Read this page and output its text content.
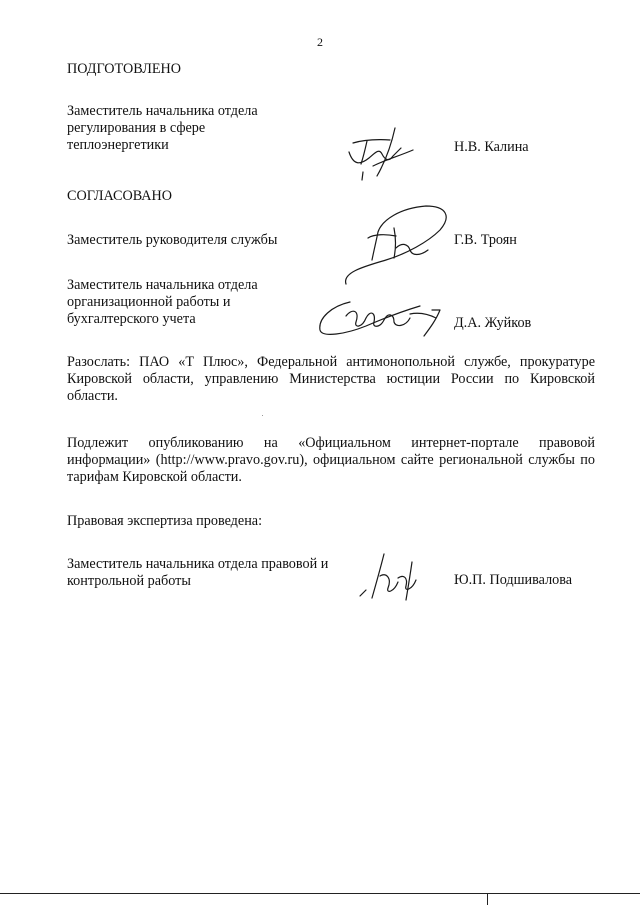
2
ПОДГОТОВЛЕНО
Заместитель начальника отдела регулирования в сфере теплоэнергетики	Н.В. Калина
СОГЛАСОВАНО
Заместитель руководителя службы	Г.В. Троян
Заместитель начальника отдела организационной работы и бухгалтерского учета	Д.А. Жуйков
Разослать: ПАО «Т Плюс», Федеральной антимонопольной службе, прокуратуре Кировской области, управлению Министерства юстиции России по Кировской области.
Подлежит опубликованию на «Официальном интернет-портале правовой информации» (http://www.pravo.gov.ru), официальном сайте региональной службы по тарифам Кировской области.
Правовая экспертиза проведена:
Заместитель начальника отдела правовой и контрольной работы	Ю.П. Подшивалова
